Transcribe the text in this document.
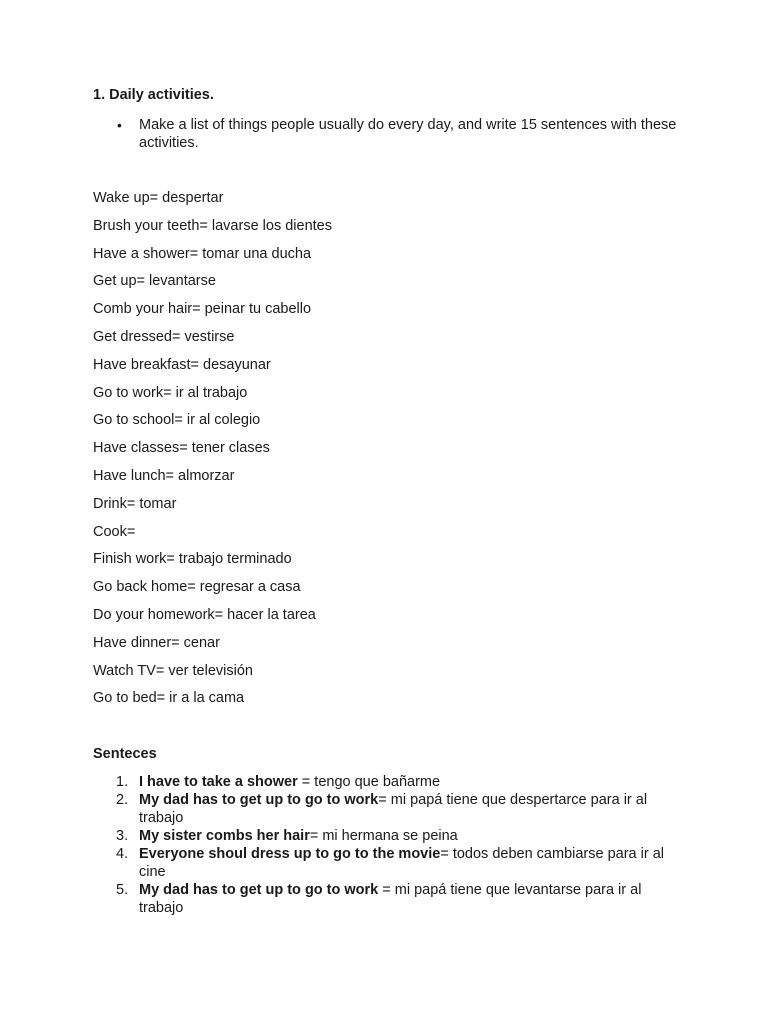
1. Daily activities.
•	Make a list of things people usually do every day, and write 15 sentences with these activities.
Wake up= despertar
Brush your teeth= lavarse los dientes
Have a shower= tomar una ducha
Get up= levantarse
Comb your hair= peinar tu cabello
Get dressed= vestirse
Have breakfast= desayunar
Go to work= ir al trabajo
Go to school= ir al colegio
Have classes= tener clases
Have lunch= almorzar
Drink= tomar
Cook=
Finish work= trabajo terminado
Go back home= regresar a casa
Do your homework= hacer la tarea
Have dinner= cenar
Watch TV= ver televisión
Go to bed= ir a la cama
Senteces
1. I have to take a shower = tengo que bañarme
2. My dad has to get up to go to work= mi papá tiene que despertarce para ir al trabajo
3. My sister combs her hair= mi hermana se peina
4. Everyone shoul dress up to go to the movie= todos deben cambiarse para ir al cine
5. My dad has to get up to go to work = mi papá tiene que levantarse para ir al trabajo
